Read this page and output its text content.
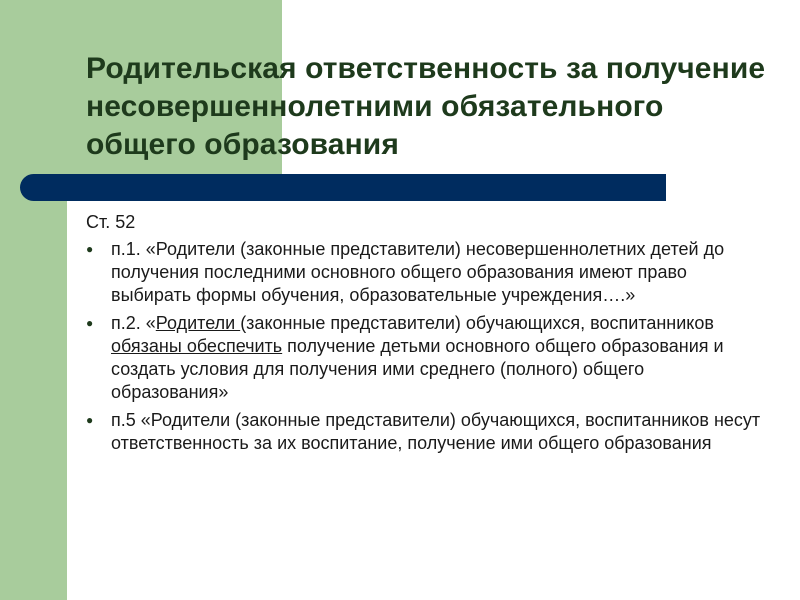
Родительская ответственность за получение несовершеннолетними обязательного общего образования
Ст. 52
● п.1. «Родители (законные представители) несовершеннолетних детей до получения последними основного общего образования имеют право выбирать формы обучения, образовательные учреждения….»
● п.2. «Родители (законные представители) обучающихся, воспитанников обязаны обеспечить получение детьми основного общего образования и создать условия для получения ими среднего (полного) общего образования»
● п.5 «Родители (законные представители) обучающихся, воспитанников несут ответственность за их воспитание, получение ими общего образования
